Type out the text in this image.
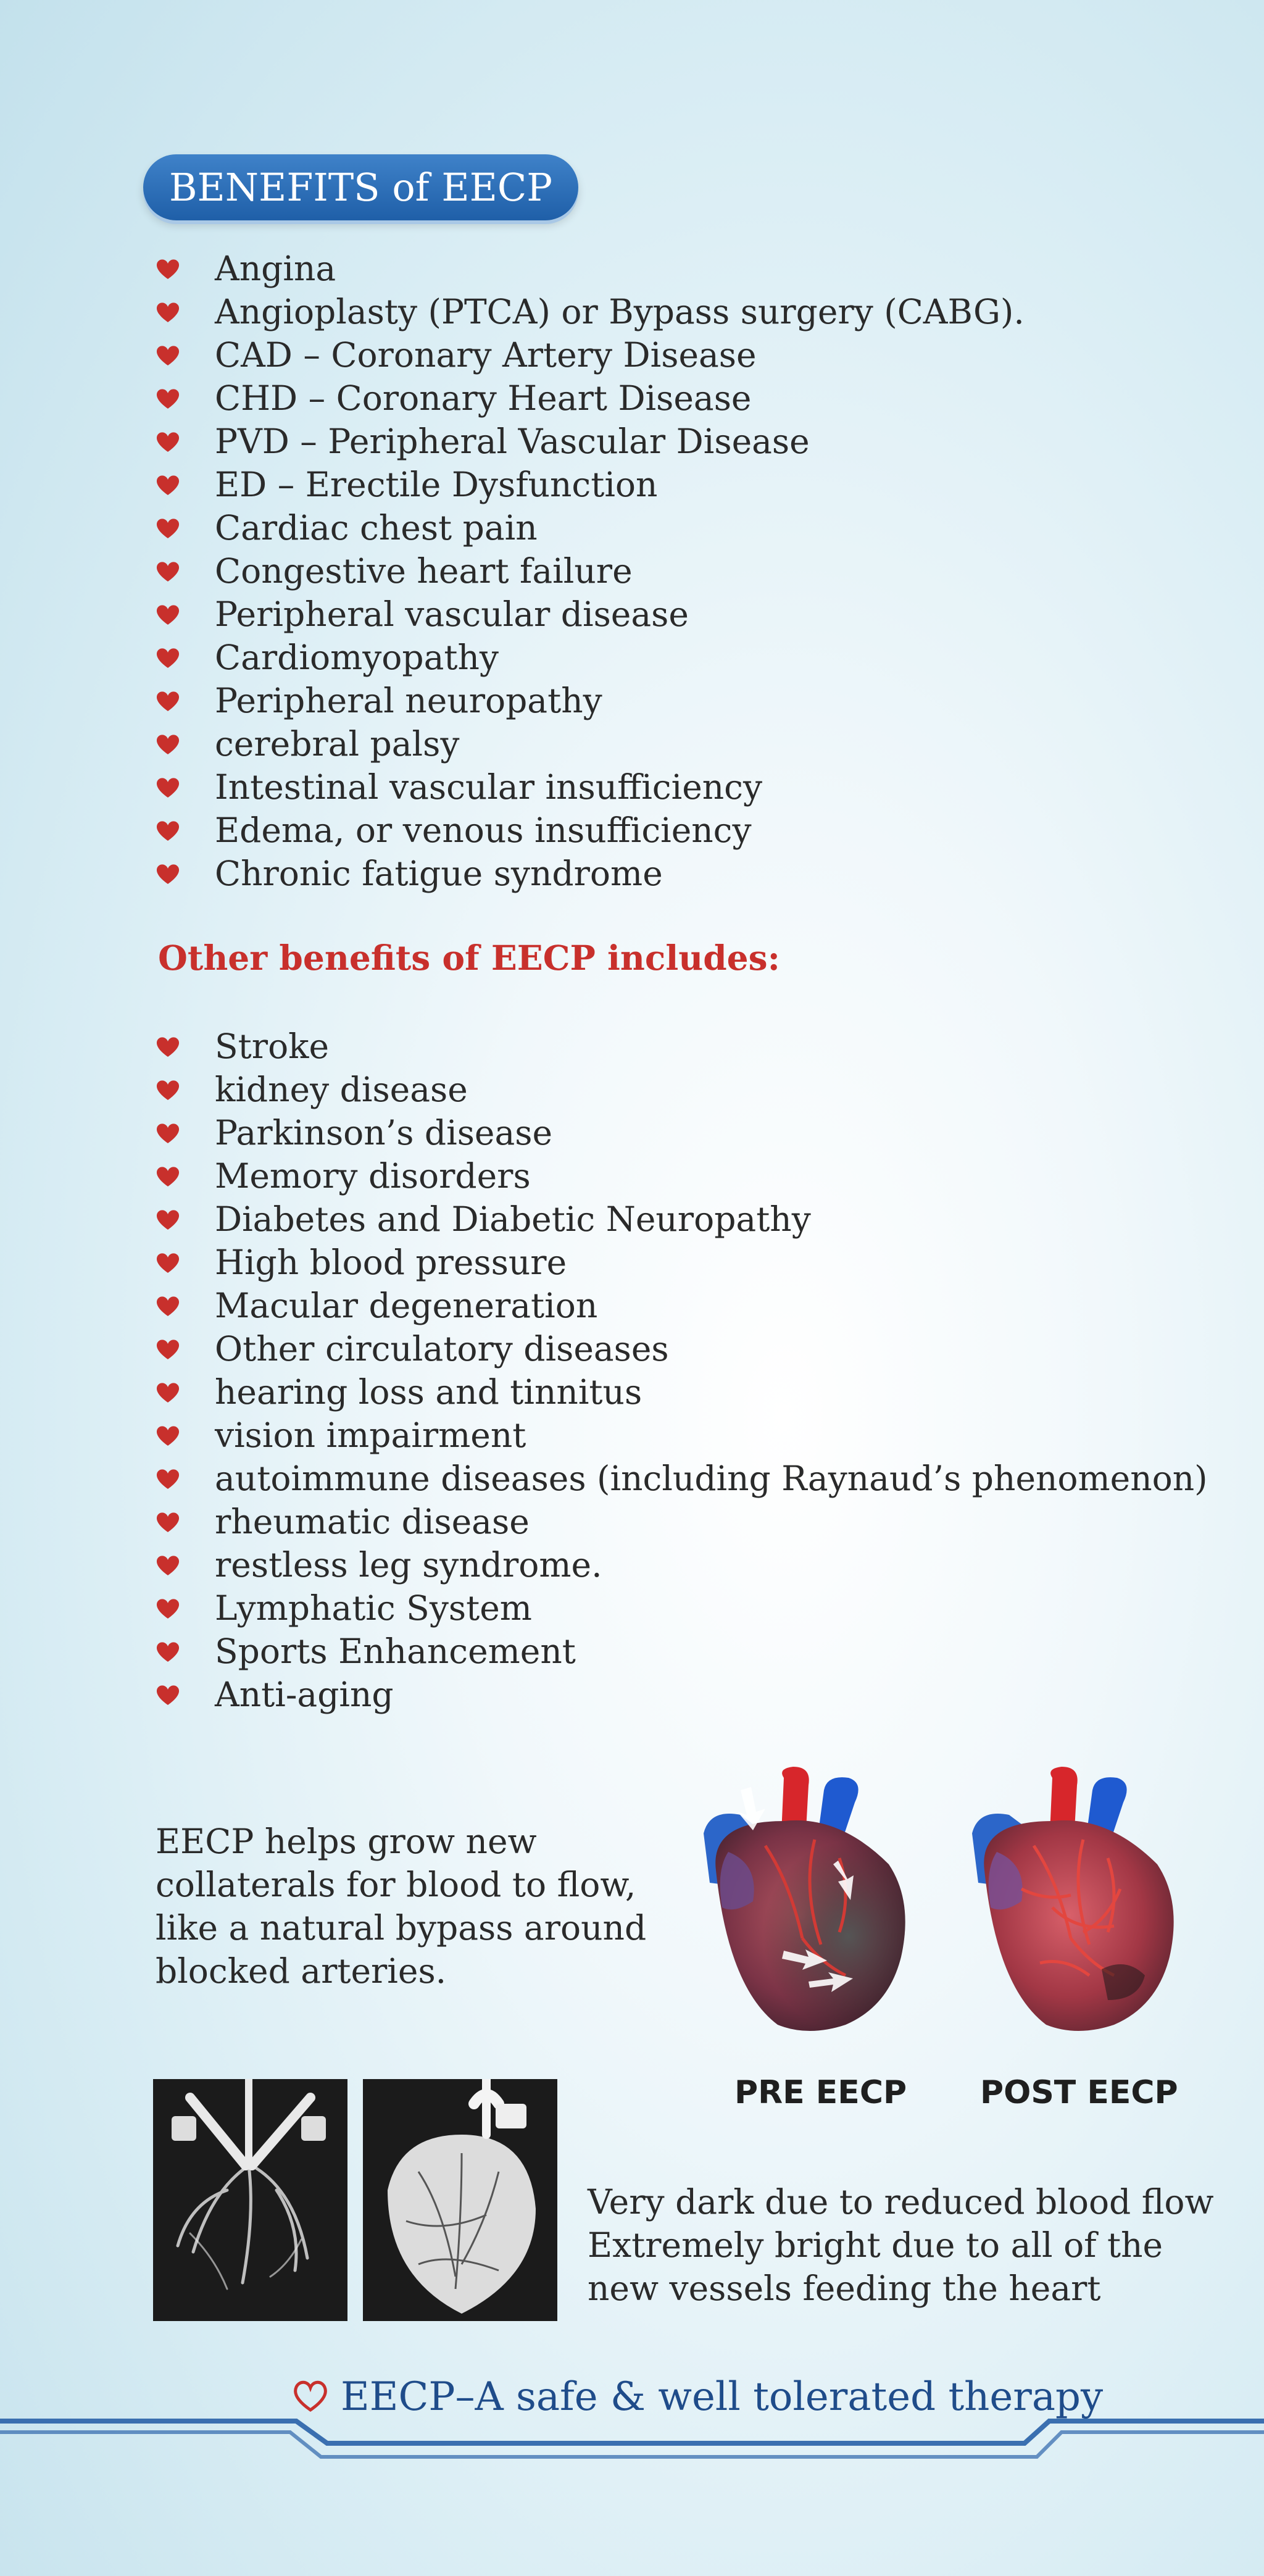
BENEFITS of EECP
Angina
Angioplasty (PTCA) or Bypass surgery (CABG).
CAD – Coronary Artery Disease
CHD – Coronary Heart Disease
PVD – Peripheral Vascular Disease
ED – Erectile Dysfunction
Cardiac chest pain
Congestive heart failure
Peripheral vascular disease
Cardiomyopathy
Peripheral neuropathy
cerebral palsy
Intestinal vascular insufficiency
Edema, or venous insufficiency
Chronic fatigue syndrome
Other benefits of EECP includes:
Stroke
kidney disease
Parkinson’s disease
Memory disorders
Diabetes and Diabetic Neuropathy
High blood pressure
Macular degeneration
Other circulatory diseases
hearing loss and tinnitus
vision impairment
autoimmune diseases (including Raynaud’s phenomenon)
rheumatic disease
restless leg syndrome.
Lymphatic System
Sports Enhancement
Anti-aging
EECP helps grow new
collaterals for blood to flow,
like a natural bypass around
blocked arteries.
PRE EECP POST EECP
Very dark due to reduced blood flow
Extremely bright due to all of the
new vessels feeding the heart
EECP–A safe & well tolerated therapy
